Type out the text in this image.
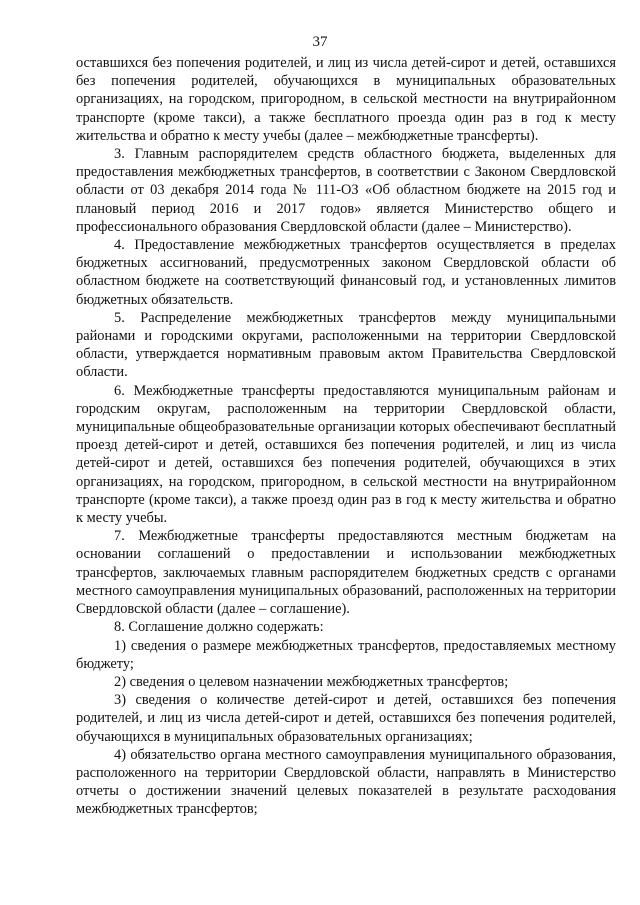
37

оставшихся без попечения родителей, и лиц из числа детей-сирот и детей, оставшихся без попечения родителей, обучающихся в муниципальных образовательных организациях, на городском, пригородном, в сельской местности на внутрирайонном транспорте (кроме такси), а также бесплатного проезда один раз в год к месту жительства и обратно к месту учебы (далее – межбюджетные трансферты).

3. Главным распорядителем средств областного бюджета, выделенных для предоставления межбюджетных трансфертов, в соответствии с Законом Свердловской области от 03 декабря 2014 года № 111-ОЗ «Об областном бюджете на 2015 год и плановый период 2016 и 2017 годов» является Министерство общего и профессионального образования Свердловской области (далее – Министерство).

4. Предоставление межбюджетных трансфертов осуществляется в пределах бюджетных ассигнований, предусмотренных законом Свердловской области об областном бюджете на соответствующий финансовый год, и установленных лимитов бюджетных обязательств.

5. Распределение межбюджетных трансфертов между муниципальными районами и городскими округами, расположенными на территории Свердловской области, утверждается нормативным правовым актом Правительства Свердловской области.

6. Межбюджетные трансферты предоставляются муниципальным районам и городским округам, расположенным на территории Свердловской области, муниципальные общеобразовательные организации которых обеспечивают бесплатный проезд детей-сирот и детей, оставшихся без попечения родителей, и лиц из числа детей-сирот и детей, оставшихся без попечения родителей, обучающихся в этих организациях, на городском, пригородном, в сельской местности на внутрирайонном транспорте (кроме такси), а также проезд один раз в год к месту жительства и обратно к месту учебы.

7. Межбюджетные трансферты предоставляются местным бюджетам на основании соглашений о предоставлении и использовании межбюджетных трансфертов, заключаемых главным распорядителем бюджетных средств с органами местного самоуправления муниципальных образований, расположенных на территории Свердловской области (далее – соглашение).

8. Соглашение должно содержать:

1) сведения о размере межбюджетных трансфертов, предоставляемых местному бюджету;

2) сведения о целевом назначении межбюджетных трансфертов;

3) сведения о количестве детей-сирот и детей, оставшихся без попечения родителей, и лиц из числа детей-сирот и детей, оставшихся без попечения родителей, обучающихся в муниципальных образовательных организациях;

4) обязательство органа местного самоуправления муниципального образования, расположенного на территории Свердловской области, направлять в Министерство отчеты о достижении значений целевых показателей в результате расходования межбюджетных трансфертов;
